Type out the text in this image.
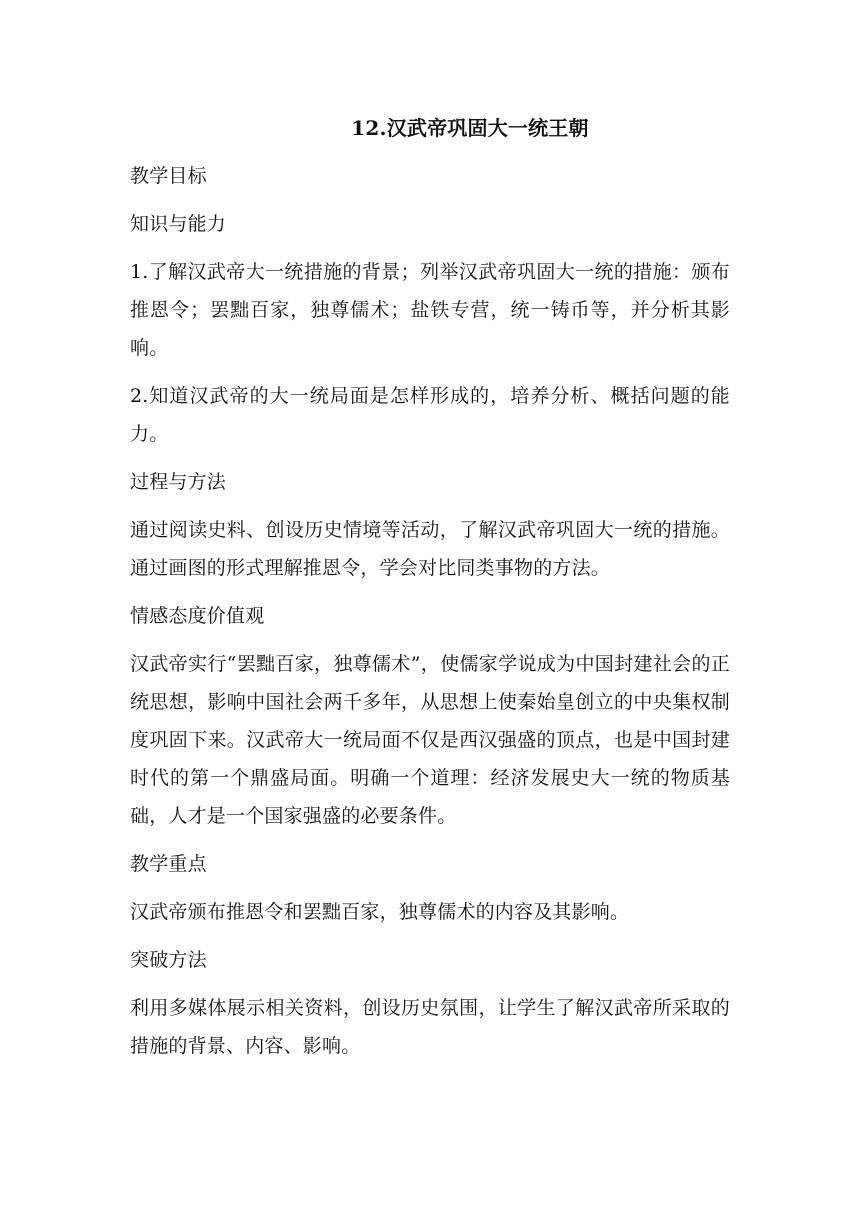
12.汉武帝巩固大一统王朝
教学目标
知识与能力
1.了解汉武帝大一统措施的背景；列举汉武帝巩固大一统的措施：颁布推恩令；罢黜百家，独尊儒术；盐铁专营，统一铸币等，并分析其影响。
2.知道汉武帝的大一统局面是怎样形成的，培养分析、概括问题的能力。
过程与方法
通过阅读史料、创设历史情境等活动，了解汉武帝巩固大一统的措施。通过画图的形式理解推恩令，学会对比同类事物的方法。
情感态度价值观
汉武帝实行“罢黜百家，独尊儒术”，使儒家学说成为中国封建社会的正统思想，影响中国社会两千多年，从思想上使秦始皇创立的中央集权制度巩固下来。汉武帝大一统局面不仅是西汉强盛的顶点，也是中国封建时代的第一个鼎盛局面。明确一个道理：经济发展史大一统的物质基础，人才是一个国家强盛的必要条件。
教学重点
汉武帝颁布推恩令和罢黜百家，独尊儒术的内容及其影响。
突破方法
利用多媒体展示相关资料，创设历史氛围，让学生了解汉武帝所采取的措施的背景、内容、影响。
